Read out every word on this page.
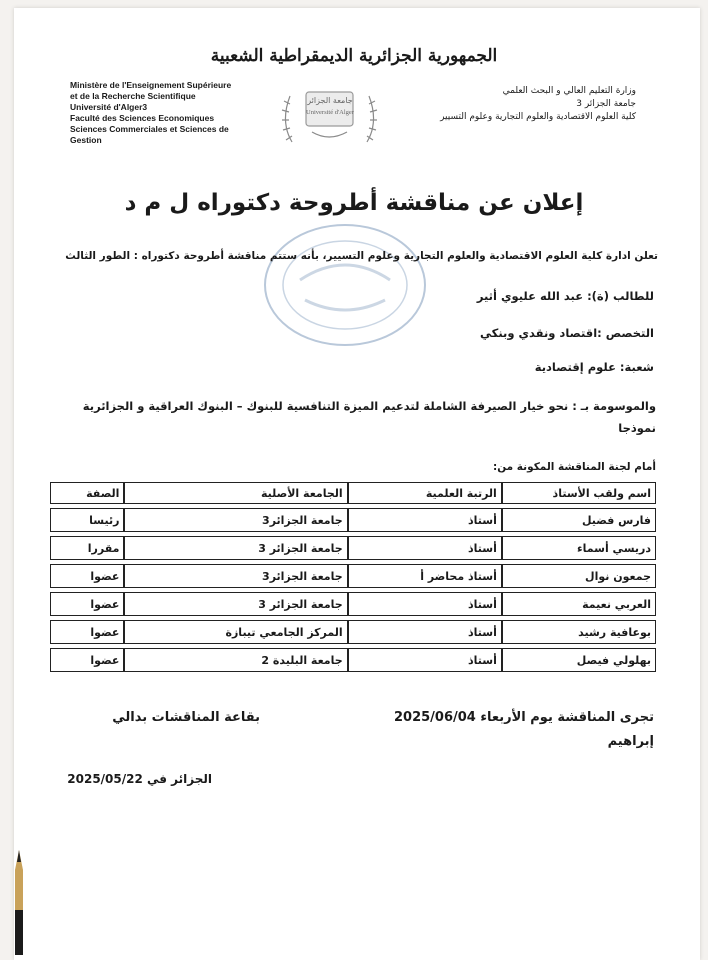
الجمهورية الجزائرية الديمقراطية الشعبية
Ministère de l'Enseignement Supérieure
et de la Recherche Scientifique
Université d'Alger3
Faculté des Sciences Economiques
Sciences Commerciales et Sciences de
Gestion
وزارة التعليم العالي و البحث العلمي
جامعة الجزائر 3
كلية العلوم الاقتصادية والعلوم التجارية وعلوم التسيير
جامعة الجزائر
Université d'Alger
إعلان عن مناقشة أطروحة دكتوراه ل م د
تعلن ادارة كلية العلوم الاقتصادية والعلوم التجارية وعلوم التسيير، بأنه ستتم مناقشة أطروحة دكتوراه : الطور الثالث
للطالب (ة): عبد الله عليوي أثير
التخصص :اقتصاد ونقدي وبنكي
شعبة: علوم إقتصادية
والموسومة بـ : نحو خيار الصيرفة الشاملة لتدعيم الميزة التنافسية للبنوك – البنوك العراقية و الجزائرية
نموذجا
أمام لجنة المناقشة المكونة من:
اسم ولقب الأستاذ	الرتبة العلمية	الجامعة الأصلية	الصفة
فارس فضيل	أستاذ	جامعة الجزائر3	رئيسا
دريسي أسماء	أستاذ	جامعة الجزائر 3	مقررا
جمعون نوال	أستاذ محاضر أ	جامعة الجزائر3	عضوا
العربي نعيمة	أستاذ	جامعة الجزائر 3	عضوا
بوعافية رشيد	أستاذ	المركز الجامعي تيبازة	عضوا
بهلولي فيصل	أستاذ	جامعة البليدة 2	عضوا
تجرى المناقشة يوم الأربعاء 2025/06/04
بقاعة المناقشات بدالي
إبراهيم
الجزائر في 2025/05/22
